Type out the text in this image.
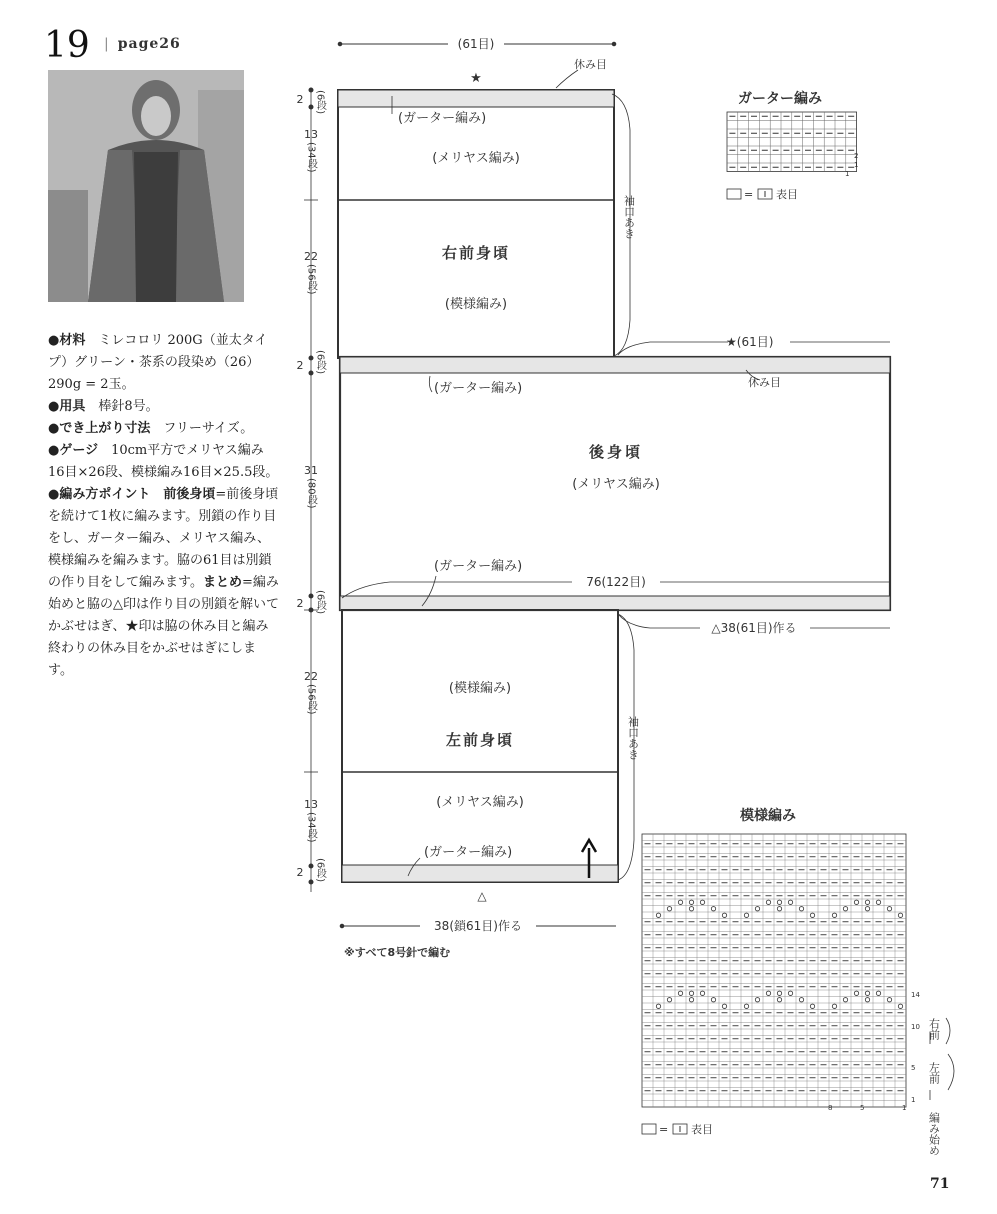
19 | page26

●材料　 ミレコロリ 200G（並太タイプ）グリーン・茶系の段染め（26）290g = 2玉。

●用具　 棒針8号。

●でき上がり寸法　 フリーサイズ。

●ゲージ　 10cm平方でメリヤス編み16目×26段、模様編み16目×25.5段。

●編み方ポイント　 前後身頃=前後身頃を続けて1枚に編みます。別鎖の作り目をし、ガーター編み、メリヤス編み、模様編みを編みます。脇の61目は別鎖の作り目をして編みます。まとめ=編み始めと脇の△印は作り目の別鎖を解いてかぶせはぎ、★印は脇の休み目と編み終わりの休み目をかぶせはぎにします。

(61目)
★
休み目
(ガーター編み)
(メリヤス編み)
右前身頃
(模様編み)
袖口あき
★(61目)
休み目
(ガーター編み)
後身頃
(メリヤス編み)
(ガーター編み)
76(122目)
△38(61目)作る
(模様編み)
左前身頃
(メリヤス編み)
袖口あき
(ガーター編み)
△
38(鎖61目)作る
※すべて8号針で編む
2 (6段)
13
(34段)
22
(56段)
2 (6段)
31
(80段)
2 (6段)
22
(56段)
13
(34段)
2 (6段)
ガーター編み
2
1
1
= 表目
模様編み
14
10
5
1
8	5	1
右前
左前
編み始め
= 表目
71
